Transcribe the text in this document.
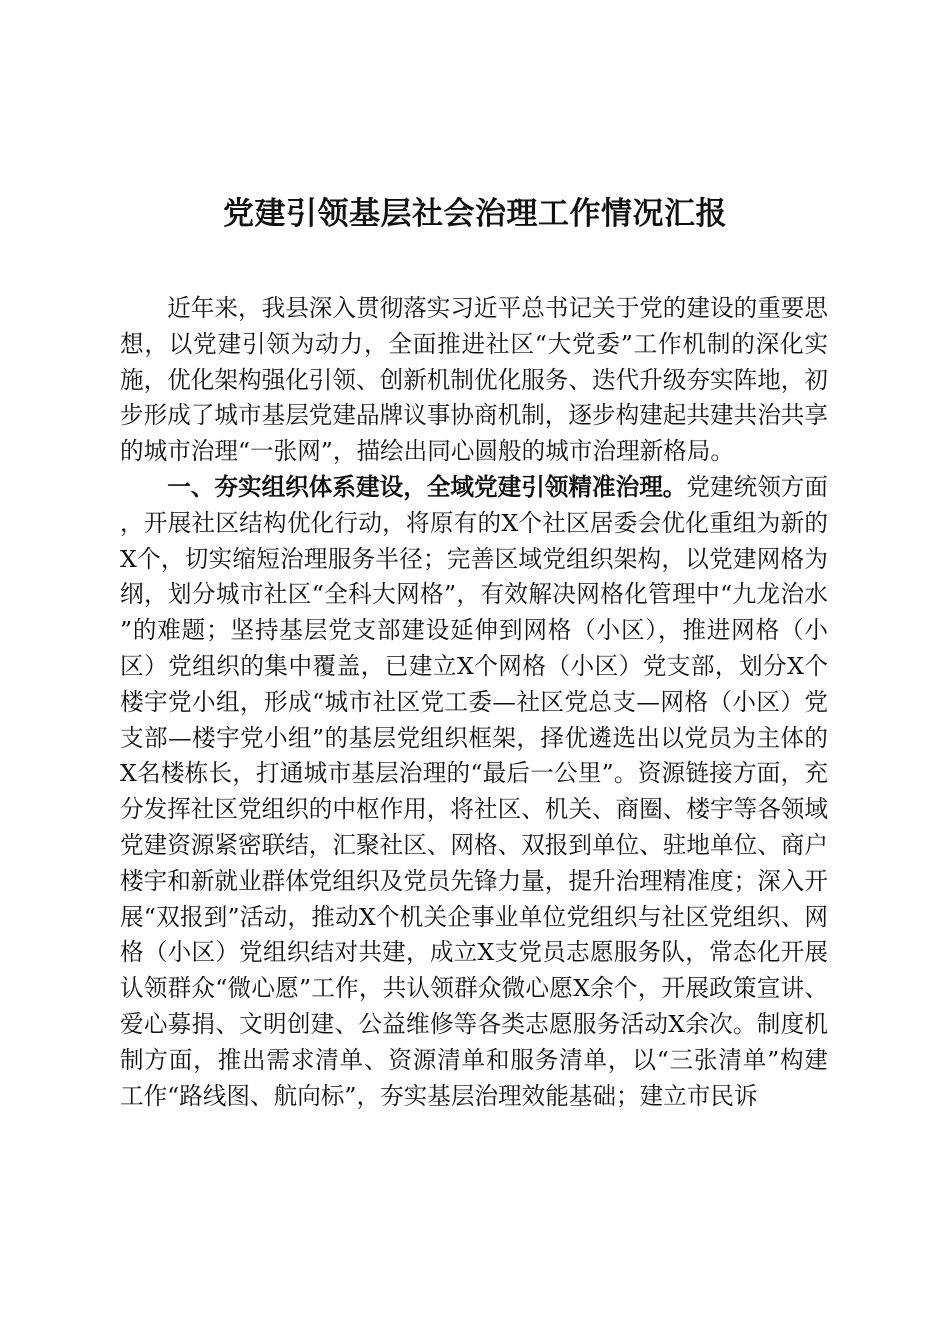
党建引领基层社会治理工作情况汇报

近年来，我县深入贯彻落实习近平总书记关于党的建设的重要思想，以党建引领为动力，全面推进社区“大党委”工作机制的深化实施，优化架构强化引领、创新机制优化服务、迭代升级夯实阵地，初步形成了城市基层党建品牌议事协商机制，逐步构建起共建共治共享的城市治理“一张网”，描绘出同心圆般的城市治理新格局。

一、夯实组织体系建设，全域党建引领精准治理。党建统领方面，开展社区结构优化行动，将原有的X个社区居委会优化重组为新的X个，切实缩短治理服务半径；完善区域党组织架构，以党建网格为纲，划分城市社区“全科大网格”，有效解决网格化管理中“九龙治水”的难题；坚持基层党支部建设延伸到网格（小区），推进网格（小区）党组织的集中覆盖，已建立X个网格（小区）党支部，划分X个楼宇党小组，形成“城市社区党工委—社区党总支—网格（小区）党支部—楼宇党小组”的基层党组织框架，择优遴选出以党员为主体的X名楼栋长，打通城市基层治理的“最后一公里”。资源链接方面，充分发挥社区党组织的中枢作用，将社区、机关、商圈、楼宇等各领域党建资源紧密联结，汇聚社区、网格、双报到单位、驻地单位、商户楼宇和新就业群体党组织及党员先锋力量，提升治理精准度；深入开展“双报到”活动，推动X个机关企事业单位党组织与社区党组织、网格（小区）党组织结对共建，成立X支党员志愿服务队，常态化开展认领群众“微心愿”工作，共认领群众微心愿X余个，开展政策宣讲、爱心募捐、文明创建、公益维修等各类志愿服务活动X余次。制度机制方面，推出需求清单、资源清单和服务清单，以“三张清单”构建工作“路线图、航向标”，夯实基层治理效能基础；建立市民诉
